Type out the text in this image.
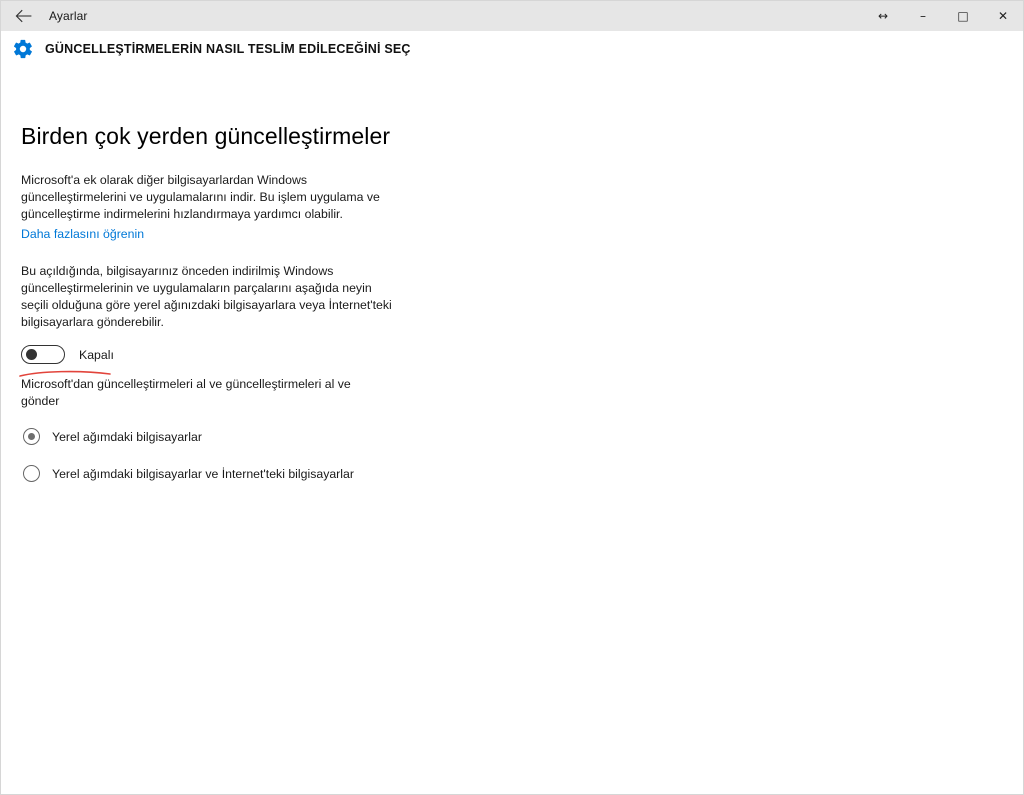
Ayarlar	↔	–	□ ✕
GÜNCELLEŞTİRMELERİN NASIL TESLİM EDİLECEĞİNİ SEÇ
Birden çok yerden güncelleştirmeler

Microsoft'a ek olarak diğer bilgisayarlardan Windows güncelleştirmelerini ve uygulamalarını indir. Bu işlem uygulama ve güncelleştirme indirmelerini hızlandırmaya yardımcı olabilir.

Daha fazlasını öğrenin

Bu açıldığında, bilgisayarınız önceden indirilmiş Windows güncelleştirmelerinin ve uygulamaların parçalarını aşağıda neyin seçili olduğuna göre yerel ağınızdaki bilgisayarlara veya İnternet'teki bilgisayarlara gönderebilir.

Kapalı

Microsoft'dan güncelleştirmeleri al ve güncelleştirmeleri al ve gönder

Yerel ağımdaki bilgisayarlar
Yerel ağımdaki bilgisayarlar ve İnternet'teki bilgisayarlar
